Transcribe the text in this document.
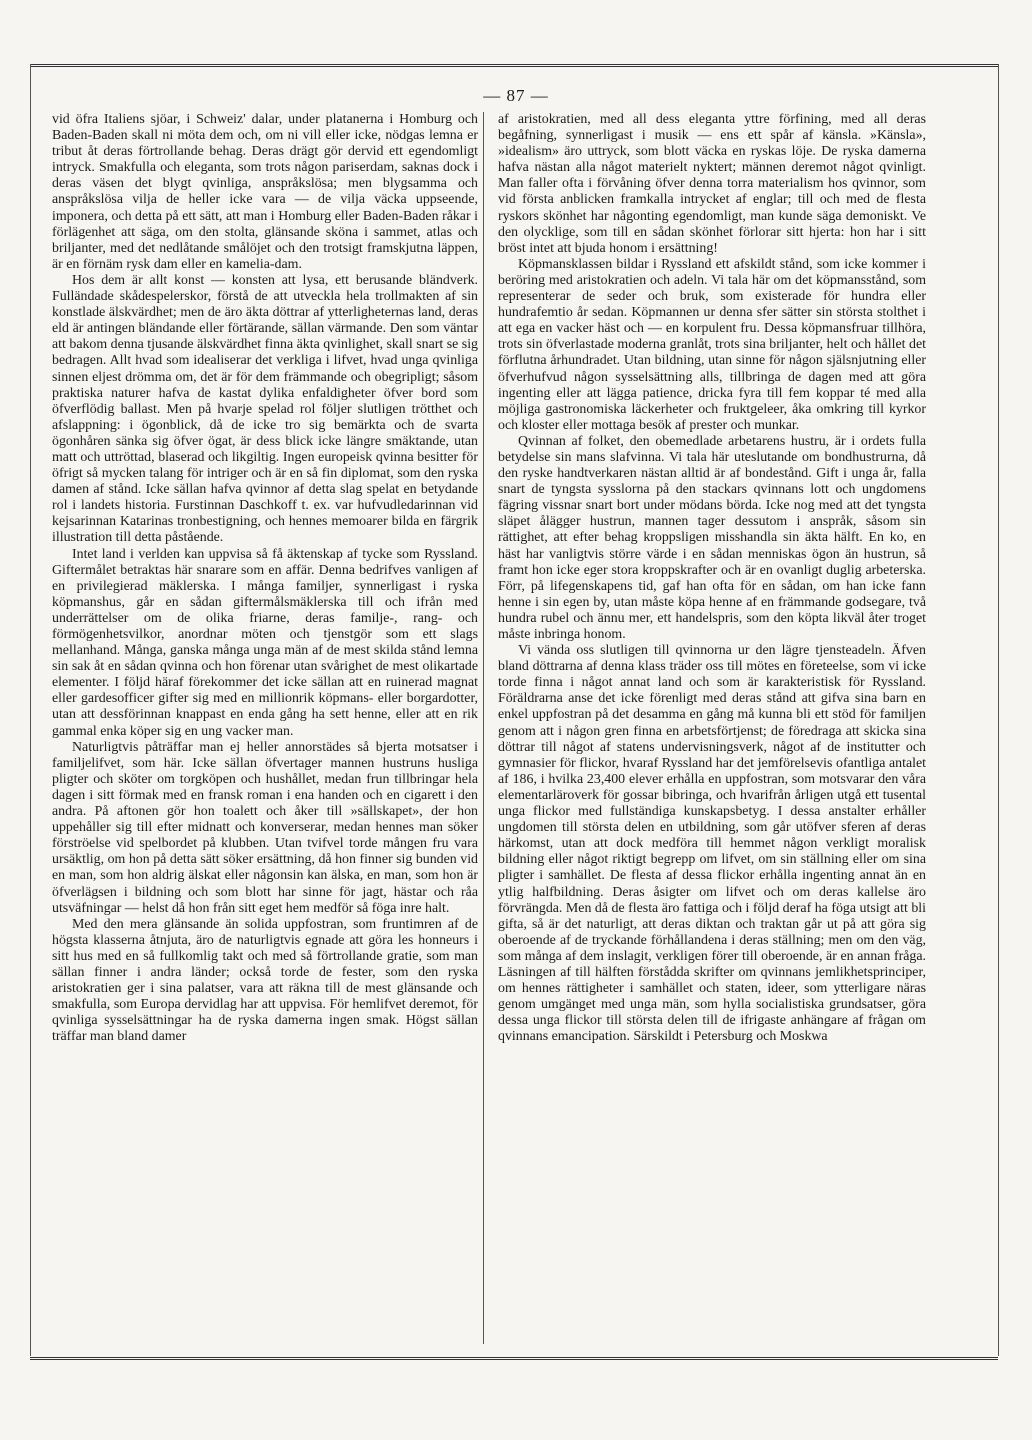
— 87 —

vid öfra Italiens sjöar, i Schweiz' dalar, under platanerna i Homburg och Baden-Baden skall ni möta dem och, om ni vill eller icke, nödgas lemna er tribut åt deras förtrollande behag. Deras drägt gör dervid ett egendomligt intryck. Smakfulla och eleganta, som trots någon pariserdam, saknas dock i deras väsen det blygt qvinliga, anspråkslösa; men blygsamma och anspråkslösa vilja de heller icke vara — de vilja väcka uppseende, imponera, och detta på ett sätt, att man i Homburg eller Baden-Baden råkar i förlägenhet att säga, om den stolta, glänsande sköna i sammet, atlas och briljanter, med det nedlåtande smålöjet och den trotsigt framskjutna läppen, är en förnäm rysk dam eller en kamelia-dam.

Hos dem är allt konst — konsten att lysa, ett berusande bländverk. Fulländade skådespelerskor, förstå de att utveckla hela trollmakten af sin konstlade älskvärdhet; men de äro äkta döttrar af ytterligheternas land, deras eld är antingen bländande eller förtärande, sällan värmande. Den som väntar att bakom denna tjusande älskvärdhet finna äkta qvinlighet, skall snart se sig bedragen. Allt hvad som idealiserar det verkliga i lifvet, hvad unga qvinliga sinnen eljest drömma om, det är för dem främmande och obegripligt; såsom praktiska naturer hafva de kastat dylika enfaldigheter öfver bord som öfverflödig ballast. Men på hvarje spelad rol följer slutligen trötthet och afslappning: i ögonblick, då de icke tro sig bemärkta och de svarta ögonhåren sänka sig öfver ögat, är dess blick icke längre smäktande, utan matt och uttröttad, blaserad och likgiltig. Ingen europeisk qvinna besitter för öfrigt så mycken talang för intriger och är en så fin diplomat, som den ryska damen af stånd. Icke sällan hafva qvinnor af detta slag spelat en betydande rol i landets historia. Furstinnan Daschkoff t. ex. var hufvudledarinnan vid kejsarinnan Katarinas tronbestigning, och hennes memoarer bilda en färgrik illustration till detta påstående.

Intet land i verlden kan uppvisa så få äktenskap af tycke som Ryssland. Giftermålet betraktas här snarare som en affär. Denna bedrifves vanligen af en privilegierad mäklerska. I många familjer, synnerligast i ryska köpmanshus, går en sådan giftermålsmäklerska till och ifrån med underrättelser om de olika friarne, deras familje-, rang- och förmögenhetsvilkor, anordnar möten och tjenstgör som ett slags mellanhand. Många, ganska många unga män af de mest skilda stånd lemna sin sak åt en sådan qvinna och hon förenar utan svårighet de mest olikartade elementer. I följd häraf förekommer det icke sällan att en ruinerad magnat eller gardesofficer gifter sig med en millionrik köpmans- eller borgardotter, utan att dessförinnan knappast en enda gång ha sett henne, eller att en rik gammal enka köper sig en ung vacker man.

Naturligtvis påträffar man ej heller annorstädes så bjerta motsatser i familjelifvet, som här. Icke sällan öfvertager mannen hustruns husliga pligter och sköter om torgköpen och hushållet, medan frun tillbringar hela dagen i sitt förmak med en fransk roman i ena handen och en cigarett i den andra. På aftonen gör hon toalett och åker till »sällskapet», der hon uppehåller sig till efter midnatt och konverserar, medan hennes man söker förströelse vid spelbordet på klubben. Utan tvifvel torde mången fru vara ursäktlig, om hon på detta sätt söker ersättning, då hon finner sig bunden vid en man, som hon aldrig älskat eller någonsin kan älska, en man, som hon är öfverlägsen i bildning och som blott har sinne för jagt, hästar och råa utsväfningar — helst då hon från sitt eget hem medför så föga inre halt.

Med den mera glänsande än solida uppfostran, som fruntimren af de högsta klasserna åtnjuta, äro de naturligtvis egnade att göra les honneurs i sitt hus med en så fullkomlig takt och med så förtrollande gratie, som man sällan finner i andra länder; också torde de fester, som den ryska aristokratien ger i sina palatser, vara att räkna till de mest glänsande och smakfulla, som Europa dervidlag har att uppvisa. För hemlifvet deremot, för qvinliga sysselsättningar ha de ryska damerna ingen smak. Högst sällan träffar man bland damer

af aristokratien, med all dess eleganta yttre förfining, med all deras begåfning, synnerligast i musik — ens ett spår af känsla. »Känsla», »idealism» äro uttryck, som blott väcka en ryskas löje. De ryska damerna hafva nästan alla något materielt nyktert; männen deremot något qvinligt. Man faller ofta i förvåning öfver denna torra materialism hos qvinnor, som vid första anblicken framkalla intrycket af englar; till och med de flesta ryskors skönhet har någonting egendomligt, man kunde säga demoniskt. Ve den olycklige, som till en sådan skönhet förlorar sitt hjerta: hon har i sitt bröst intet att bjuda honom i ersättning!

Köpmansklassen bildar i Ryssland ett afskildt stånd, som icke kommer i beröring med aristokratien och adeln. Vi tala här om det köpmansstånd, som representerar de seder och bruk, som existerade för hundra eller hundrafemtio år sedan. Köpmannen ur denna sfer sätter sin största stolthet i att ega en vacker häst och — en korpulent fru. Dessa köpmansfruar tillhöra, trots sin öfverlastade moderna granlåt, trots sina briljanter, helt och hållet det förflutna århundradet. Utan bildning, utan sinne för någon själsnjutning eller öfverhufvud någon sysselsättning alls, tillbringa de dagen med att göra ingenting eller att lägga patience, dricka fyra till fem koppar té med alla möjliga gastronomiska läckerheter och fruktgeleer, åka omkring till kyrkor och kloster eller mottaga besök af prester och munkar.

Qvinnan af folket, den obemedlade arbetarens hustru, är i ordets fulla betydelse sin mans slafvinna. Vi tala här uteslutande om bondhustrurna, då den ryske handtverkaren nästan alltid är af bondestånd. Gift i unga år, falla snart de tyngsta sysslorna på den stackars qvinnans lott och ungdomens fägring vissnar snart bort under mödans börda. Icke nog med att det tyngsta släpet ålägger hustrun, mannen tager dessutom i anspråk, såsom sin rättighet, att efter behag kroppsligen misshandla sin äkta hälft. En ko, en häst har vanligtvis större värde i en sådan menniskas ögon än hustrun, så framt hon icke eger stora kroppskrafter och är en ovanligt duglig arbeterska. Förr, på lifegenskapens tid, gaf han ofta för en sådan, om han icke fann henne i sin egen by, utan måste köpa henne af en främmande godsegare, två hundra rubel och ännu mer, ett handelspris, som den köpta likväl åter troget måste inbringa honom.

Vi vända oss slutligen till qvinnorna ur den lägre tjensteadeln. Äfven bland döttrarna af denna klass träder oss till mötes en företeelse, som vi icke torde finna i något annat land och som är karakteristisk för Ryssland. Föräldrarna anse det icke förenligt med deras stånd att gifva sina barn en enkel uppfostran på det desamma en gång må kunna bli ett stöd för familjen genom att i någon gren finna en arbetsförtjenst; de föredraga att skicka sina döttrar till något af statens undervisningsverk, något af de institutter och gymnasier för flickor, hvaraf Ryssland har det jemförelsevis ofantliga antalet af 186, i hvilka 23,400 elever erhålla en uppfostran, som motsvarar den våra elementarläroverk för gossar bibringa, och hvarifrån årligen utgå ett tusental unga flickor med fullständiga kunskapsbetyg. I dessa anstalter erhåller ungdomen till största delen en utbildning, som går utöfver sferen af deras härkomst, utan att dock medföra till hemmet någon verkligt moralisk bildning eller något riktigt begrepp om lifvet, om sin ställning eller om sina pligter i samhället. De flesta af dessa flickor erhålla ingenting annat än en ytlig halfbildning. Deras åsigter om lifvet och om deras kallelse äro förvrängda. Men då de flesta äro fattiga och i följd deraf ha föga utsigt att bli gifta, så är det naturligt, att deras diktan och traktan går ut på att göra sig oberoende af de tryckande förhållandena i deras ställning; men om den väg, som många af dem inslagit, verkligen förer till oberoende, är en annan fråga. Läsningen af till hälften förstådda skrifter om qvinnans jemlikhetsprinciper, om hennes rättigheter i samhället och staten, ideer, som ytterligare näras genom umgänget med unga män, som hylla socialistiska grundsatser, göra dessa unga flickor till största delen till de ifrigaste anhängare af frågan om qvinnans emancipation. Särskildt i Petersburg och Moskwa
